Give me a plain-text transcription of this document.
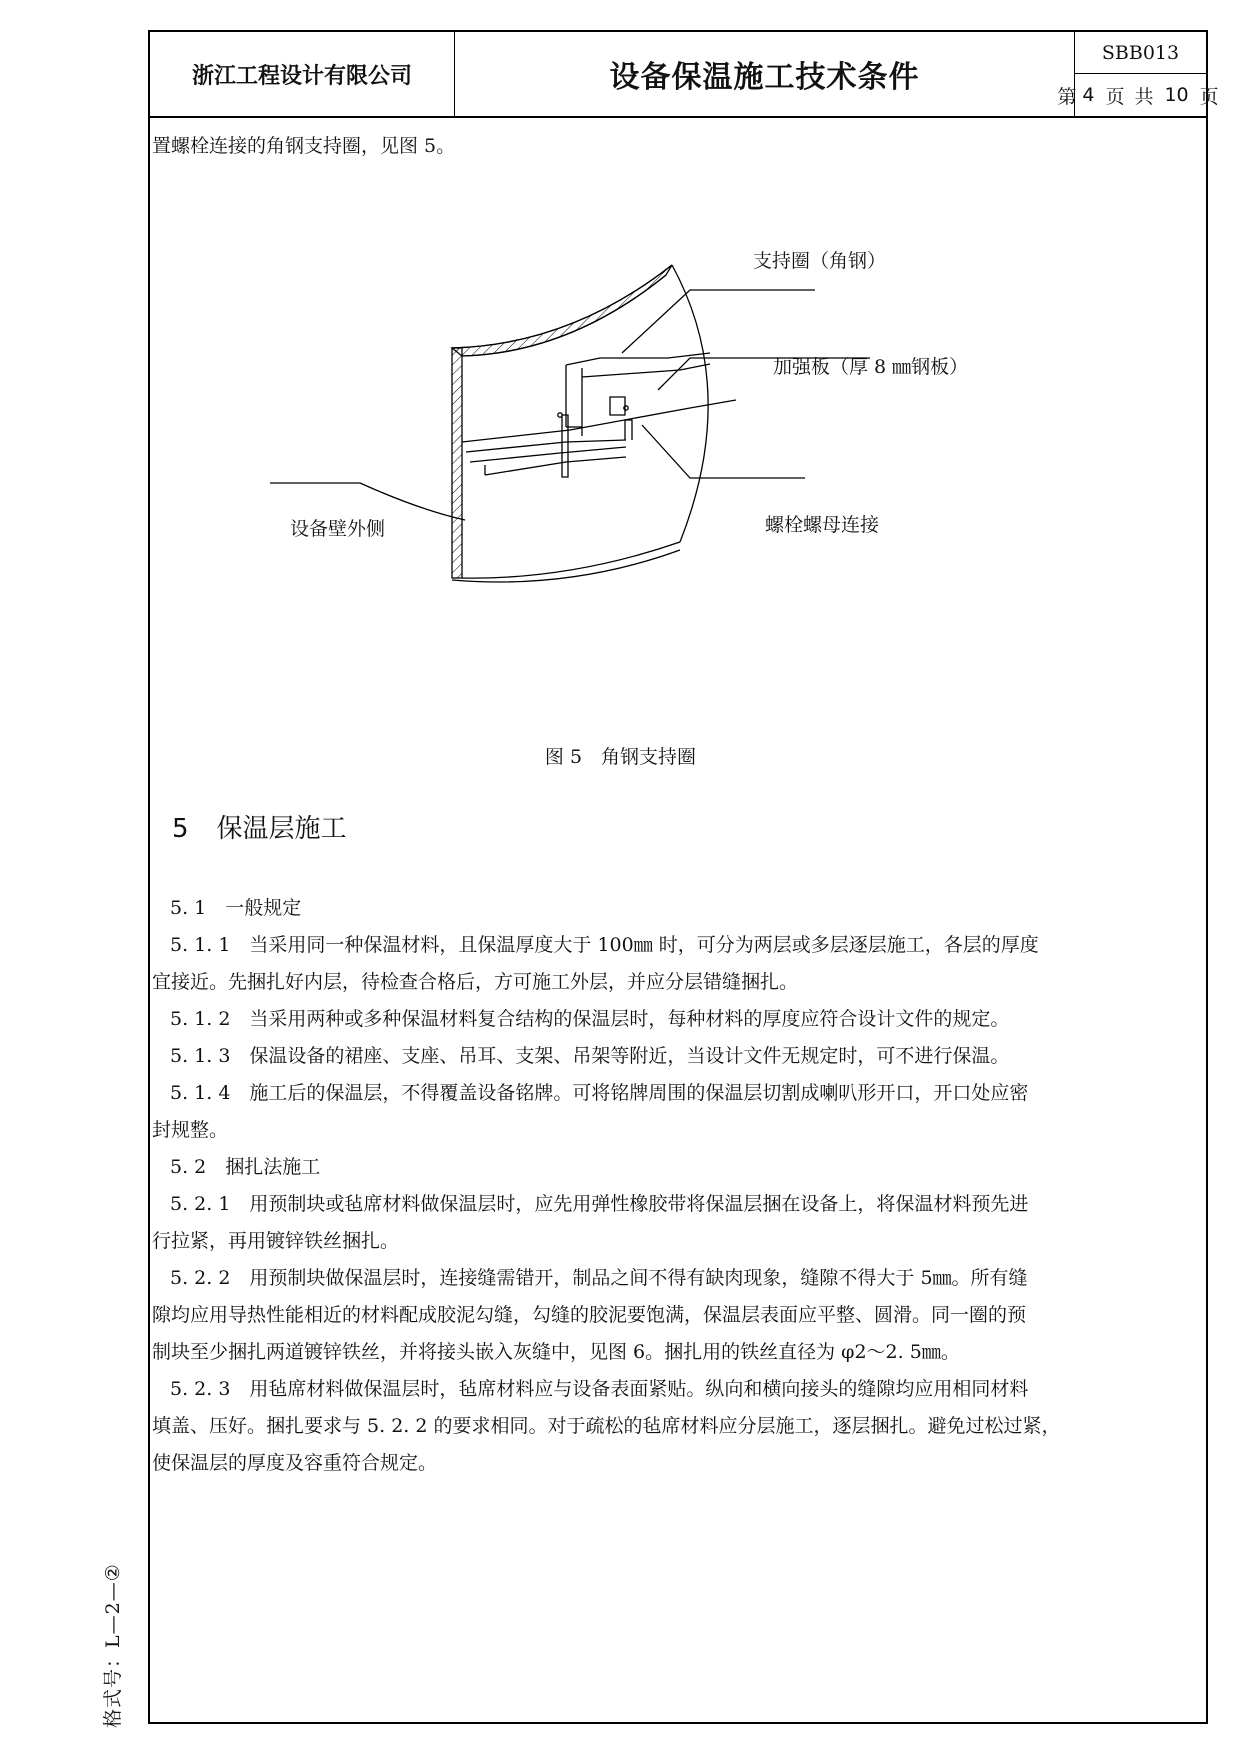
浙江工程设计有限公司	设备保温施工技术条件
SBB013
第 4 页 共 10 页
置螺栓连接的角钢支持圈，见图 5。
支持圈（角钢）
加强板（厚 8 ㎜钢板）
螺栓螺母连接
设备壁外侧
图 5　角钢支持圈
5 保温层施工
5. 1　一般规定
5. 1. 1　当采用同一种保温材料，且保温厚度大于 100㎜ 时，可分为两层或多层逐层施工，各层的厚度
宜接近。先捆扎好内层，待检查合格后，方可施工外层，并应分层错缝捆扎。
5. 1. 2　当采用两种或多种保温材料复合结构的保温层时，每种材料的厚度应符合设计文件的规定。
5. 1. 3　保温设备的裙座、支座、吊耳、支架、吊架等附近，当设计文件无规定时，可不进行保温。
5. 1. 4　施工后的保温层，不得覆盖设备铭牌。可将铭牌周围的保温层切割成喇叭形开口，开口处应密
封规整。
5. 2　捆扎法施工
5. 2. 1　用预制块或毡席材料做保温层时，应先用弹性橡胶带将保温层捆在设备上，将保温材料预先进
行拉紧，再用镀锌铁丝捆扎。
5. 2. 2　用预制块做保温层时，连接缝需错开，制品之间不得有缺肉现象，缝隙不得大于 5㎜。所有缝
隙均应用导热性能相近的材料配成胶泥勾缝，勾缝的胶泥要饱满，保温层表面应平整、圆滑。同一圈的预
制块至少捆扎两道镀锌铁丝，并将接头嵌入灰缝中，见图 6。捆扎用的铁丝直径为 φ2～2. 5㎜。
5. 2. 3　用毡席材料做保温层时，毡席材料应与设备表面紧贴。纵向和横向接头的缝隙均应用相同材料
填盖、压好。捆扎要求与 5. 2. 2 的要求相同。对于疏松的毡席材料应分层施工，逐层捆扎。避免过松过紧，
使保温层的厚度及容重符合规定。
格式号：L—2—②
